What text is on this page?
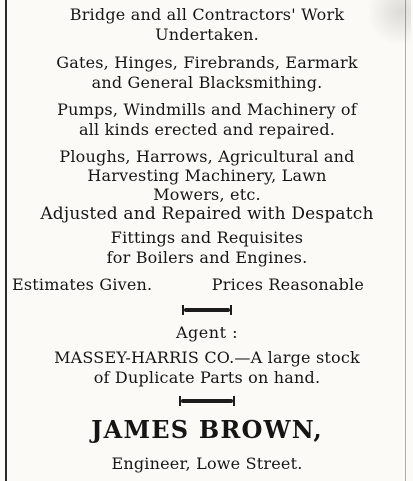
Bridge and all Contractors' Work
Undertaken.
Gates, Hinges, Firebrands, Earmark
and General Blacksmithing.
Pumps, Windmills and Machinery of
all kinds erected and repaired.
Ploughs, Harrows, Agricultural and
Harvesting Machinery, Lawn
Mowers, etc.
Adjusted and Repaired with Despatch
Fittings and Requisites
for Boilers and Engines.
Estimates Given.	Prices Reasonable
Agent :
MASSEY-HARRIS CO.—A large stock
of Duplicate Parts on hand.
JAMES BROWN,
Engineer, Lowe Street.
